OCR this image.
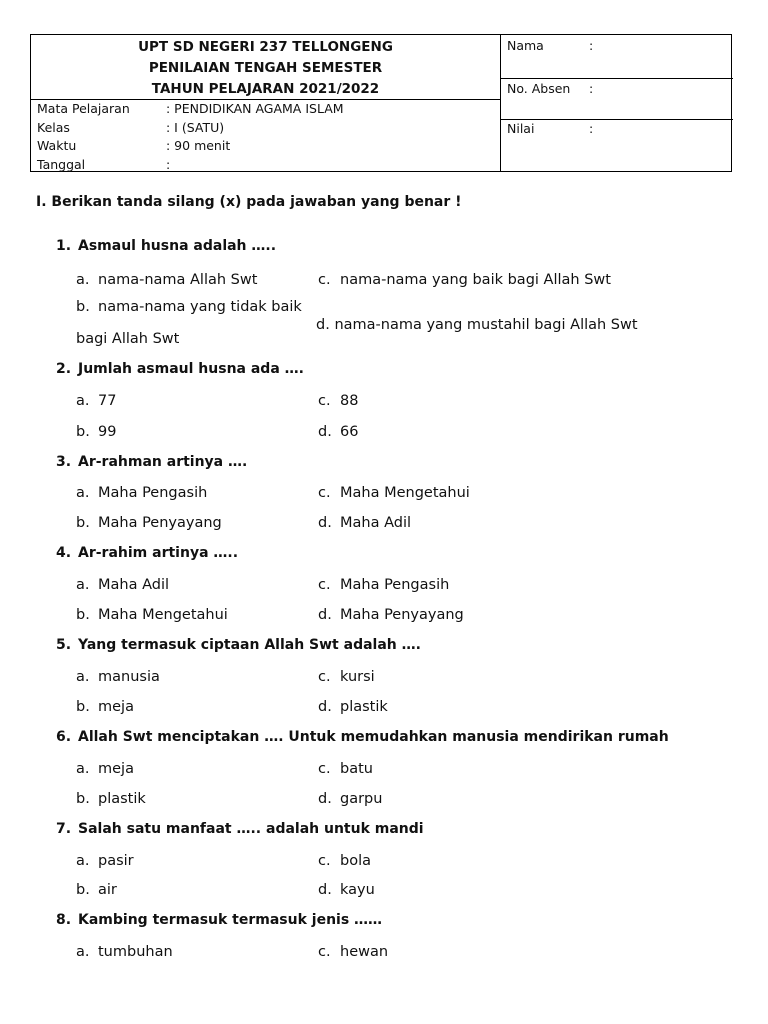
UPT SD NEGERI 237 TELLONGENG
PENILAIAN TENGAH SEMESTER
TAHUN PELAJARAN 2021/2022
Mata Pelajaran	: PENDIDIKAN AGAMA ISLAM
Kelas	: I (SATU)
Waktu	: 90 menit
Tanggal	:
Nama	:
No. Absen :
Nilai	:
I. Berikan tanda silang (x) pada jawaban yang benar !
1. Asmaul husna adalah …..
a. nama-nama Allah Swt	c. nama-nama yang baik bagi Allah Swt
b. nama-nama yang tidak baik bagi Allah Swt
d. nama-nama yang mustahil bagi Allah Swt
2. Jumlah asmaul husna ada ….
a. 77	c. 88
b. 99	d. 66
3. Ar-rahman artinya ….
a. Maha Pengasih	c. Maha Mengetahui
b. Maha Penyayang	d. Maha Adil
4. Ar-rahim artinya …..
a. Maha Adil	c. Maha Pengasih
b. Maha Mengetahui	d. Maha Penyayang
5. Yang termasuk ciptaan Allah Swt adalah ….
a. manusia	c. kursi
b. meja	d. plastik
6. Allah Swt menciptakan …. Untuk memudahkan manusia mendirikan rumah
a. meja	c. batu
b. plastik	d. garpu
7. Salah satu manfaat ….. adalah untuk mandi
a. pasir	c. bola
b. air	d. kayu
8. Kambing termasuk termasuk jenis ……
a. tumbuhan	c. hewan
